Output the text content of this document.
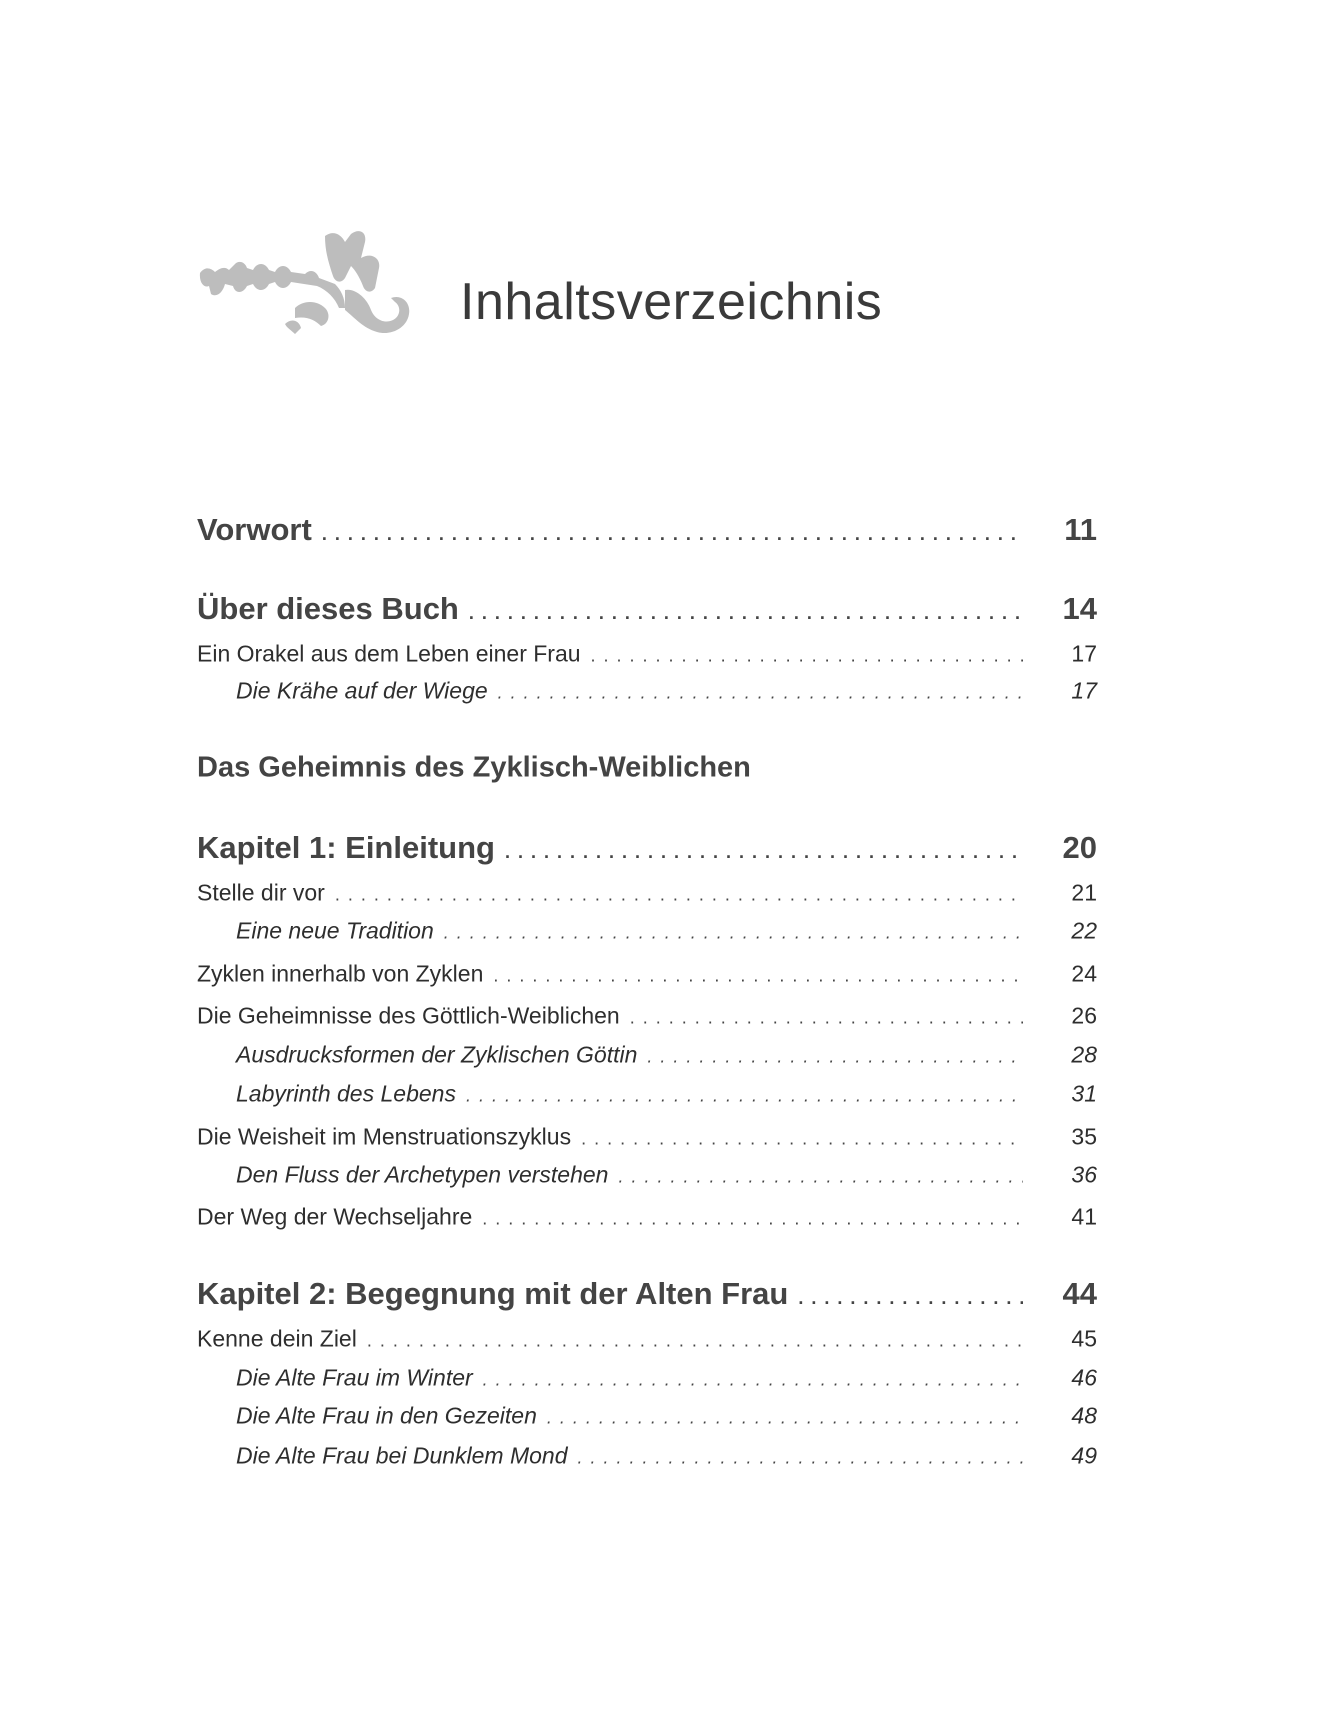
Inhaltsverzeichnis
Vorwort . . .	11
Über dieses Buch . . .	14
Ein Orakel aus dem Leben einer Frau . . .	17
Die Krähe auf der Wiege . . .	17
Das Geheimnis des Zyklisch-Weiblichen
Kapitel 1: Einleitung . . .	20
Stelle dir vor . . .	21
Eine neue Tradition . . .	22
Zyklen innerhalb von Zyklen . . .	24
Die Geheimnisse des Göttlich-Weiblichen . . .	26
Ausdrucksformen der Zyklischen Göttin . . .	28
Labyrinth des Lebens . . .	31
Die Weisheit im Menstruationszyklus . . .	35
Den Fluss der Archetypen verstehen . . .	36
Der Weg der Wechseljahre . . .	41
Kapitel 2: Begegnung mit der Alten Frau . . .	44
Kenne dein Ziel . . .	45
Die Alte Frau im Winter . . .	46
Die Alte Frau in den Gezeiten . . .	48
Die Alte Frau bei Dunklem Mond . . .	49
